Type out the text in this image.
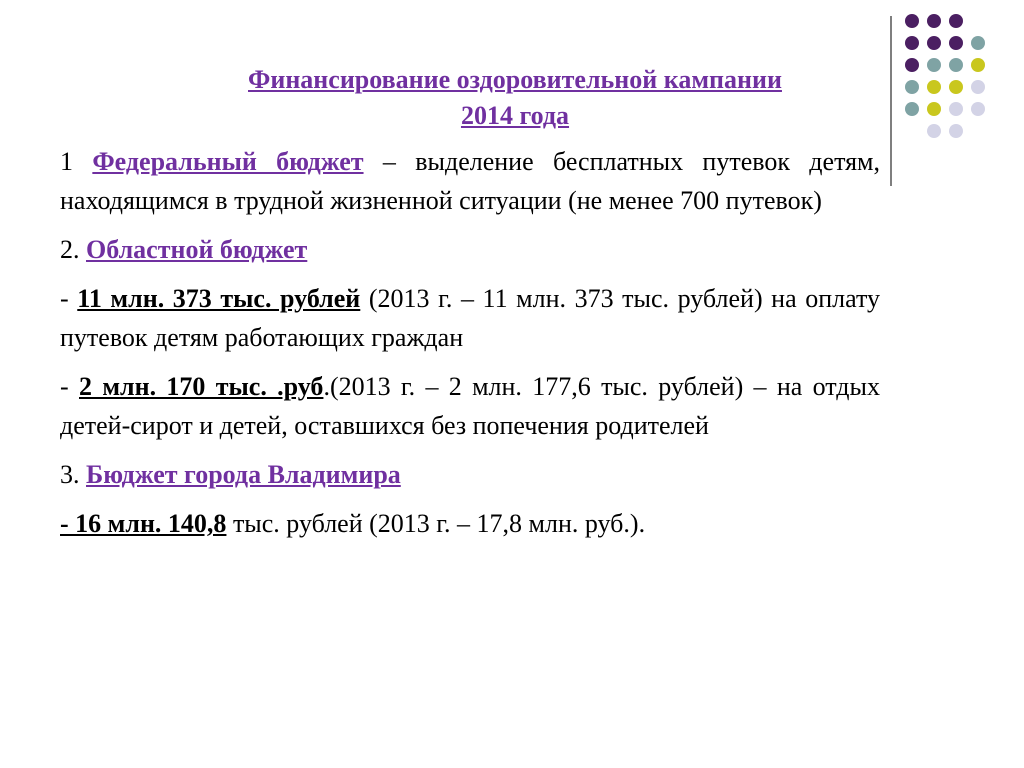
Финансирование оздоровительной кампании
2014 года

1 Федеральный бюджет – выделение бесплатных путевок детям, находящимся в трудной жизненной ситуации (не менее 700 путевок)

2. Областной бюджет

- 11 млн. 373 тыс. рублей (2013 г. – 11 млн. 373 тыс. рублей) на оплату путевок детям работающих граждан

- 2 млн. 170 тыс. .руб.(2013 г. – 2 млн. 177,6 тыс. рублей) – на отдых детей-сирот и детей, оставшихся без попечения родителей

3. Бюджет города Владимира

- 16 млн. 140,8 тыс. рублей (2013 г. – 17,8 млн. руб.).
